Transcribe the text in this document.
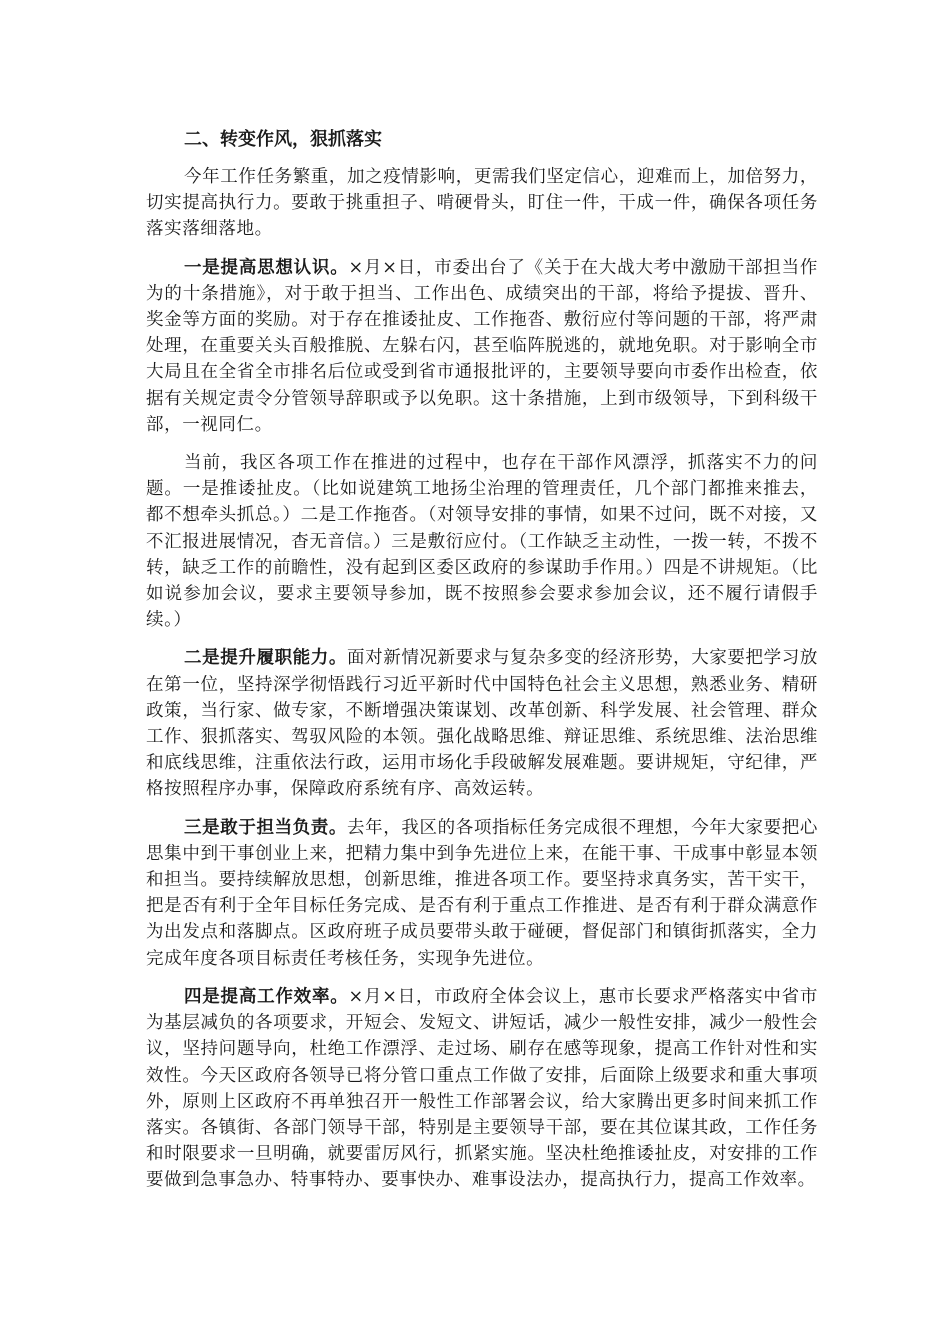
二、转变作风，狠抓落实

今年工作任务繁重，加之疫情影响，更需我们坚定信心，迎难而上，加倍努力，切实提高执行力。要敢于挑重担子、啃硬骨头，盯住一件，干成一件，确保各项任务落实落细落地。

一是提高思想认识。×月×日，市委出台了《关于在大战大考中激励干部担当作为的十条措施》，对于敢于担当、工作出色、成绩突出的干部，将给予提拔、晋升、奖金等方面的奖励。对于存在推诿扯皮、工作拖沓、敷衍应付等问题的干部，将严肃处理，在重要关头百般推脱、左躲右闪，甚至临阵脱逃的，就地免职。对于影响全市大局且在全省全市排名后位或受到省市通报批评的，主要领导要向市委作出检查，依据有关规定责令分管领导辞职或予以免职。这十条措施，上到市级领导，下到科级干部，一视同仁。

当前，我区各项工作在推进的过程中，也存在干部作风漂浮，抓落实不力的问题。一是推诿扯皮。（比如说建筑工地扬尘治理的管理责任，几个部门都推来推去，都不想牵头抓总。）二是工作拖沓。（对领导安排的事情，如果不过问，既不对接，又不汇报进展情况，杳无音信。）三是敷衍应付。（工作缺乏主动性，一拨一转，不拨不转，缺乏工作的前瞻性，没有起到区委区政府的参谋助手作用。）四是不讲规矩。（比如说参加会议，要求主要领导参加，既不按照参会要求参加会议，还不履行请假手续。）

二是提升履职能力。面对新情况新要求与复杂多变的经济形势，大家要把学习放在第一位，坚持深学彻悟践行习近平新时代中国特色社会主义思想，熟悉业务、精研政策，当行家、做专家，不断增强决策谋划、改革创新、科学发展、社会管理、群众工作、狠抓落实、驾驭风险的本领。强化战略思维、辩证思维、系统思维、法治思维和底线思维，注重依法行政，运用市场化手段破解发展难题。要讲规矩，守纪律，严格按照程序办事，保障政府系统有序、高效运转。

三是敢于担当负责。去年，我区的各项指标任务完成很不理想，今年大家要把心思集中到干事创业上来，把精力集中到争先进位上来，在能干事、干成事中彰显本领和担当。要持续解放思想，创新思维，推进各项工作。要坚持求真务实，苦干实干，把是否有利于全年目标任务完成、是否有利于重点工作推进、是否有利于群众满意作为出发点和落脚点。区政府班子成员要带头敢于碰硬，督促部门和镇街抓落实，全力完成年度各项目标责任考核任务，实现争先进位。

四是提高工作效率。×月×日，市政府全体会议上，惠市长要求严格落实中省市为基层减负的各项要求，开短会、发短文、讲短话，减少一般性安排，减少一般性会议，坚持问题导向，杜绝工作漂浮、走过场、刷存在感等现象，提高工作针对性和实效性。今天区政府各领导已将分管口重点工作做了安排，后面除上级要求和重大事项外，原则上区政府不再单独召开一般性工作部署会议，给大家腾出更多时间来抓工作落实。各镇街、各部门领导干部，特别是主要领导干部，要在其位谋其政，工作任务和时限要求一旦明确，就要雷厉风行，抓紧实施。坚决杜绝推诿扯皮，对安排的工作要做到急事急办、特事特办、要事快办、难事设法办，提高执行力，提高工作效率。
